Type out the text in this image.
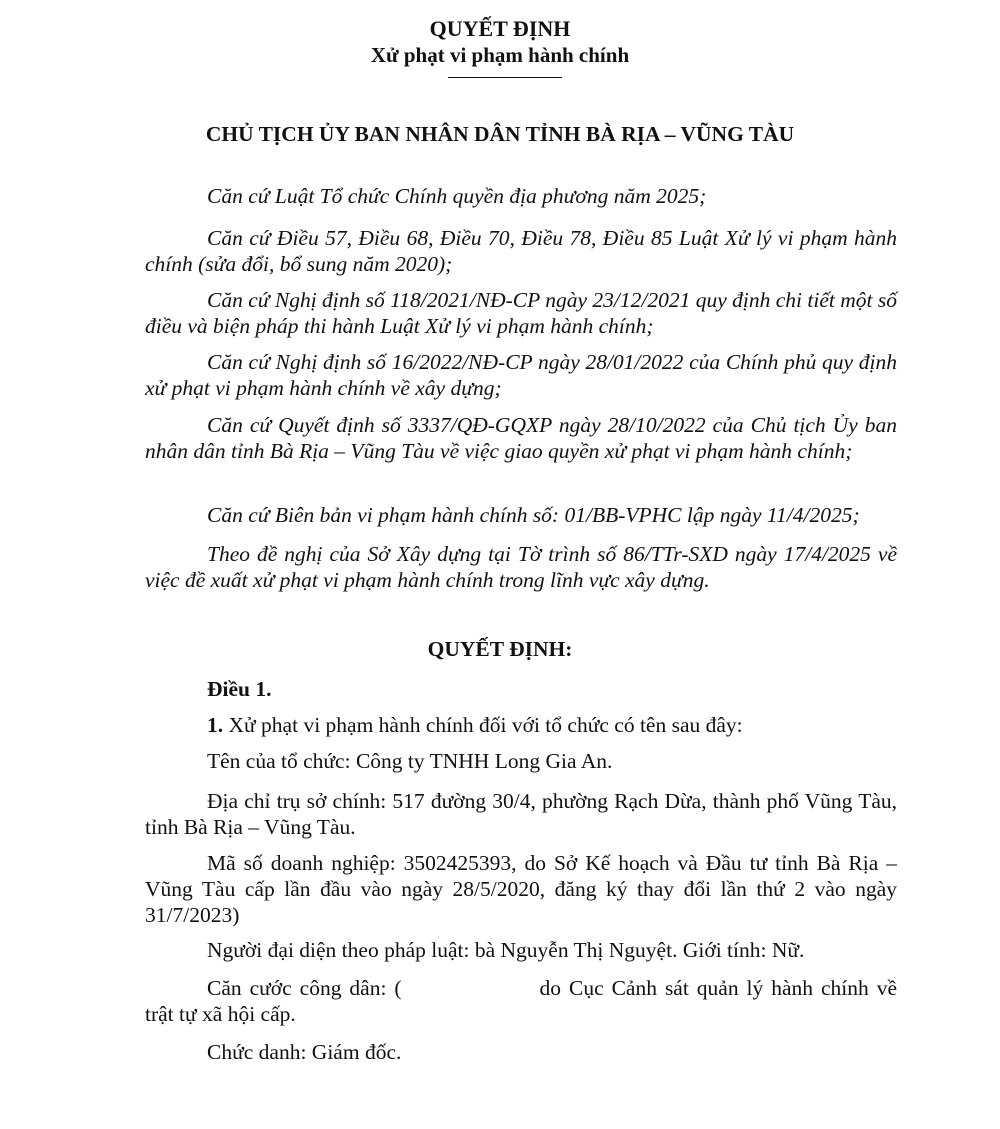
QUYẾT ĐỊNH
Xử phạt vi phạm hành chính
CHỦ TỊCH ỦY BAN NHÂN DÂN TỈNH BÀ RỊA – VŨNG TÀU
Căn cứ Luật Tổ chức Chính quyền địa phương năm 2025;
Căn cứ Điều 57, Điều 68, Điều 70, Điều 78, Điều 85 Luật Xử lý vi phạm hành chính (sửa đổi, bổ sung năm 2020);
Căn cứ Nghị định số 118/2021/NĐ-CP ngày 23/12/2021 quy định chi tiết một số điều và biện pháp thi hành Luật Xử lý vi phạm hành chính;
Căn cứ Nghị định số 16/2022/NĐ-CP ngày 28/01/2022 của Chính phủ quy định xử phạt vi phạm hành chính về xây dựng;
Căn cứ Quyết định số 3337/QĐ-GQXP ngày 28/10/2022 của Chủ tịch Ủy ban nhân dân tỉnh Bà Rịa – Vũng Tàu về việc giao quyền xử phạt vi phạm hành chính;
Căn cứ Biên bản vi phạm hành chính số: 01/BB-VPHC lập ngày 11/4/2025;
Theo đề nghị của Sở Xây dựng tại Tờ trình số 86/TTr-SXD ngày 17/4/2025 về việc đề xuất xử phạt vi phạm hành chính trong lĩnh vực xây dựng.
QUYẾT ĐỊNH:
Điều 1.
1. Xử phạt vi phạm hành chính đối với tổ chức có tên sau đây:
Tên của tổ chức: Công ty TNHH Long Gia An.
Địa chỉ trụ sở chính: 517 đường 30/4, phường Rạch Dừa, thành phố Vũng Tàu, tỉnh Bà Rịa – Vũng Tàu.
Mã số doanh nghiệp: 3502425393, do Sở Kế hoạch và Đầu tư tỉnh Bà Rịa – Vũng Tàu cấp lần đầu vào ngày 28/5/2020, đăng ký thay đổi lần thứ 2 vào ngày 31/7/2023)
Người đại diện theo pháp luật: bà Nguyễn Thị Nguyệt. Giới tính: Nữ.
Căn cước công dân: (	do Cục Cảnh sát quản lý hành chính về trật tự xã hội cấp.
Chức danh: Giám đốc.
